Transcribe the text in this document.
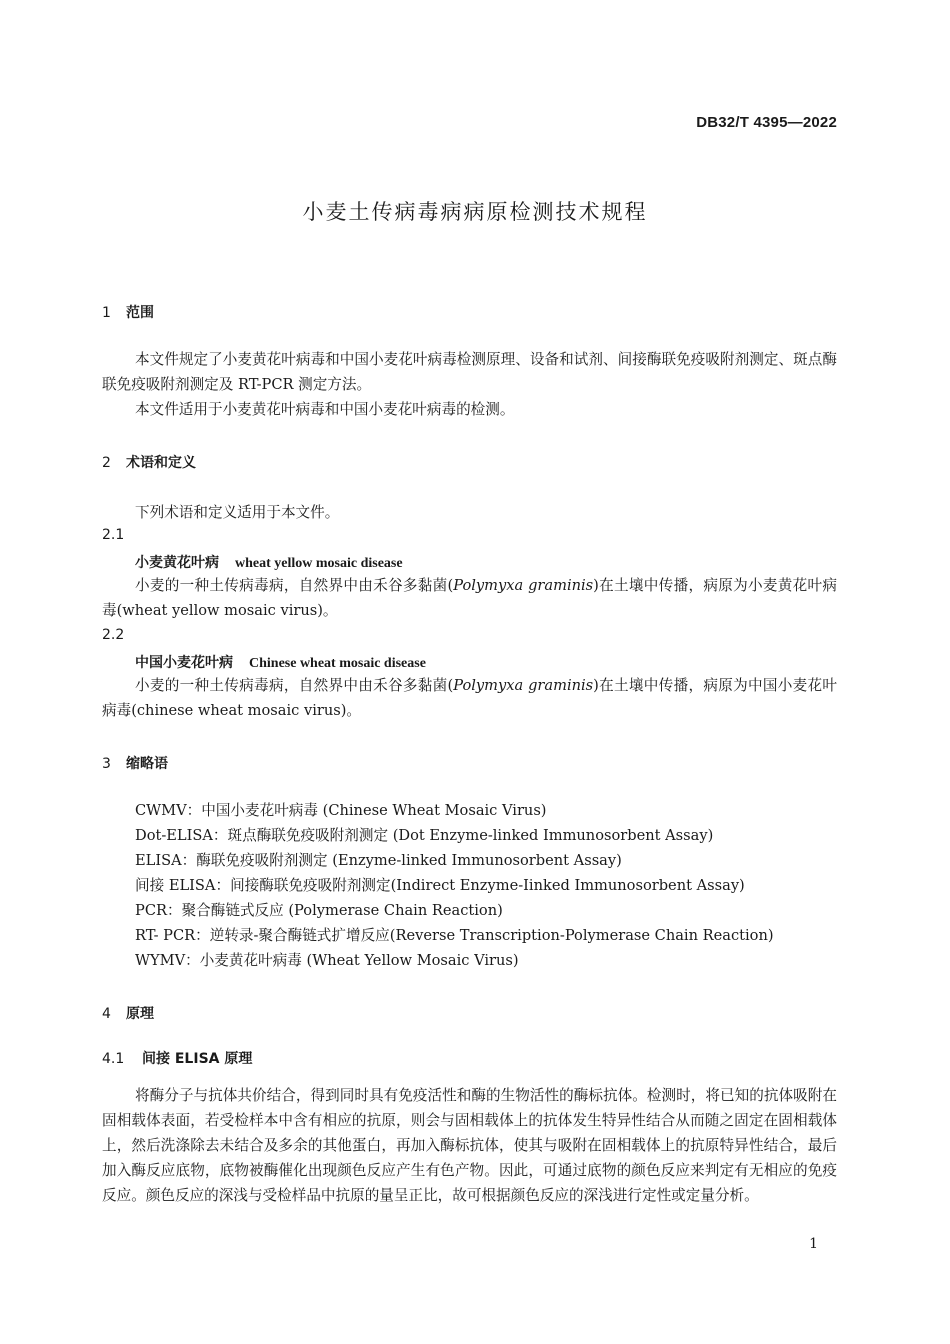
DB32/T 4395—2022
小麦土传病毒病病原检测技术规程
1 范围

本文件规定了小麦黄花叶病毒和中国小麦花叶病毒检测原理、设备和试剂、间接酶联免疫吸附剂测定、斑点酶联免疫吸附剂测定及 RT-PCR 测定方法。

本文件适用于小麦黄花叶病毒和中国小麦花叶病毒的检测。

2 术语和定义
下列术语和定义适用于本文件。
2.1
小麦黄花叶病 wheat yellow mosaic disease

小麦的一种土传病毒病，自然界中由禾谷多黏菌(Polymyxa graminis)在土壤中传播，病原为小麦黄花叶病毒(wheat yellow mosaic virus)。

2.2
中国小麦花叶病 Chinese wheat mosaic disease

小麦的一种土传病毒病，自然界中由禾谷多黏菌(Polymyxa graminis)在土壤中传播，病原为中国小麦花叶病毒(chinese wheat mosaic virus)。

3 缩略语
CWMV：中国小麦花叶病毒 (Chinese Wheat Mosaic Virus)
Dot-ELISA：斑点酶联免疫吸附剂测定 (Dot Enzyme-linked Immunosorbent Assay)
ELISA：酶联免疫吸附剂测定 (Enzyme-linked Immunosorbent Assay)
间接 ELISA：间接酶联免疫吸附剂测定(Indirect Enzyme-Iinked Immunosorbent Assay)
PCR：聚合酶链式反应 (Polymerase Chain Reaction)
RT- PCR：逆转录-聚合酶链式扩增反应(Reverse Transcription-Polymerase Chain Reaction)
WYMV：小麦黄花叶病毒 (Wheat Yellow Mosaic Virus)
4 原理
4.1 间接 ELISA 原理

将酶分子与抗体共价结合，得到同时具有免疫活性和酶的生物活性的酶标抗体。检测时，将已知的抗体吸附在固相载体表面，若受检样本中含有相应的抗原，则会与固相载体上的抗体发生特异性结合从而随之固定在固相载体上，然后洗涤除去未结合及多余的其他蛋白，再加入酶标抗体，使其与吸附在固相载体上的抗原特异性结合，最后加入酶反应底物，底物被酶催化出现颜色反应产生有色产物。因此，可通过底物的颜色反应来判定有无相应的免疫反应。颜色反应的深浅与受检样品中抗原的量呈正比，故可根据颜色反应的深浅进行定性或定量分析。

1
